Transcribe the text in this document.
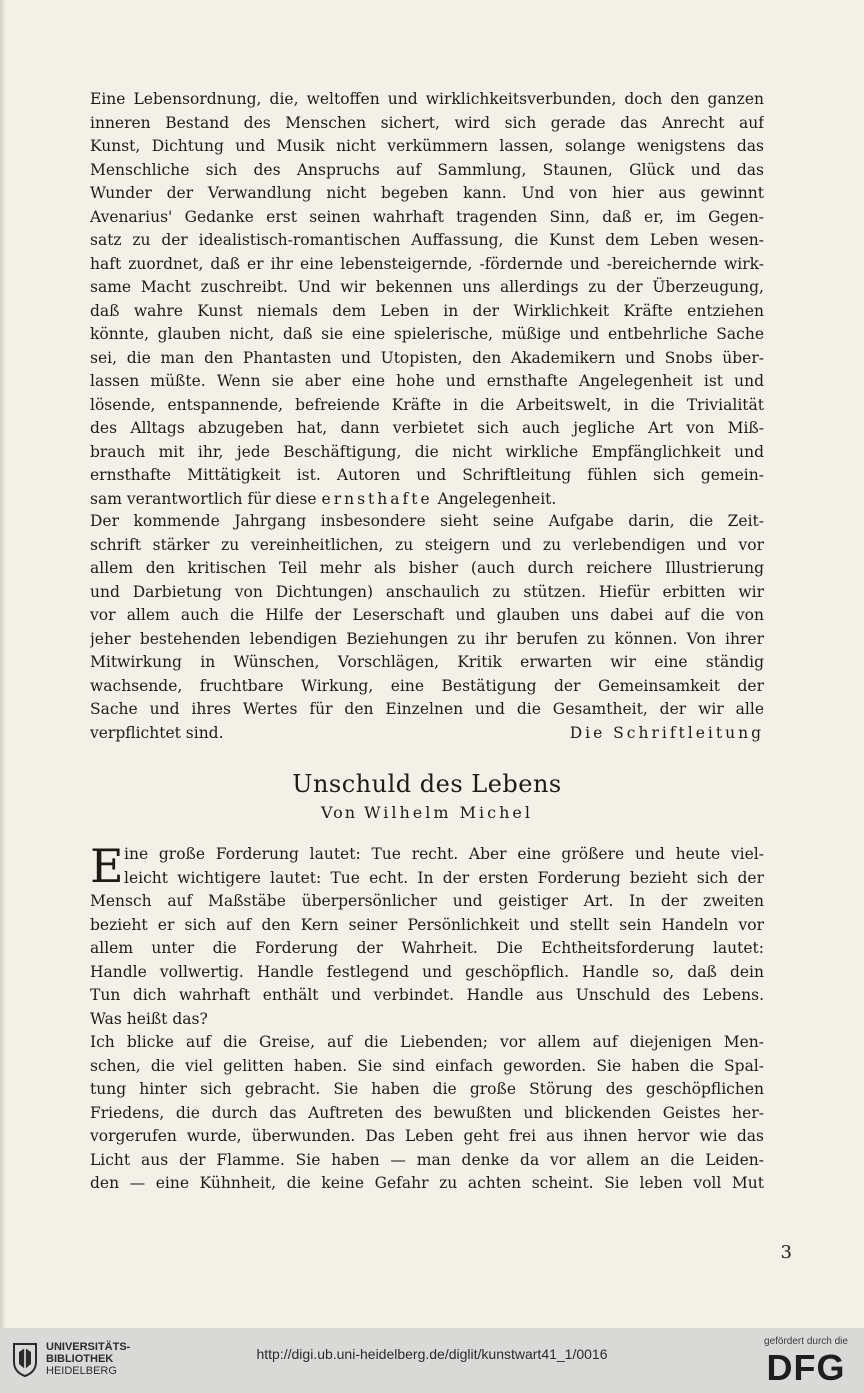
Eine Lebensordnung, die, weltoffen und wirklichkeitsverbunden, doch den ganzen
inneren Bestand des Menschen sichert, wird sich gerade das Anrecht auf
Kunst, Dichtung und Musik nicht verkümmern lassen, solange wenigstens das
Menschliche sich des Anspruchs auf Sammlung, Staunen, Glück und das
Wunder der Verwandlung nicht begeben kann. Und von hier aus gewinnt
Avenarius' Gedanke erst seinen wahrhaft tragenden Sinn, daß er, im Gegen-
satz zu der idealistisch-romantischen Auffassung, die Kunst dem Leben wesen-
haft zuordnet, daß er ihr eine lebensteigernde, -fördernde und -bereichernde wirk-
same Macht zuschreibt. Und wir bekennen uns allerdings zu der Überzeugung,
daß wahre Kunst niemals dem Leben in der Wirklichkeit Kräfte entziehen
könnte, glauben nicht, daß sie eine spielerische, müßige und entbehrliche Sache
sei, die man den Phantasten und Utopisten, den Akademikern und Snobs über-
lassen müßte. Wenn sie aber eine hohe und ernsthafte Angelegenheit ist und
lösende, entspannende, befreiende Kräfte in die Arbeitswelt, in die Trivialität
des Alltags abzugeben hat, dann verbietet sich auch jegliche Art von Miß-
brauch mit ihr, jede Beschäftigung, die nicht wirkliche Empfänglichkeit und
ernsthafte Mittätigkeit ist. Autoren und Schriftleitung fühlen sich gemein-
sam verantwortlich für diese ernsthafte Angelegenheit.
Der kommende Jahrgang insbesondere sieht seine Aufgabe darin, die Zeit-
schrift stärker zu vereinheitlichen, zu steigern und zu verlebendigen und vor
allem den kritischen Teil mehr als bisher (auch durch reichere Illustrierung
und Darbietung von Dichtungen) anschaulich zu stützen. Hiefür erbitten wir
vor allem auch die Hilfe der Leserschaft und glauben uns dabei auf die von
jeher bestehenden lebendigen Beziehungen zu ihr berufen zu können. Von ihrer
Mitwirkung in Wünschen, Vorschlägen, Kritik erwarten wir eine ständig
wachsende, fruchtbare Wirkung, eine Bestätigung der Gemeinsamkeit der
Sache und ihres Wertes für den Einzelnen und die Gesamtheit, der wir alle
verpflichtet sind.	Die Schriftleitung
Unschuld des Lebens
Von Wilhelm Michel
E ine große Forderung lautet: Tue recht. Aber eine größere und heute viel-
leicht wichtigere lautet: Tue echt. In der ersten Forderung bezieht sich der
Mensch auf Maßstäbe überpersönlicher und geistiger Art. In der zweiten
bezieht er sich auf den Kern seiner Persönlichkeit und stellt sein Handeln vor
allem unter die Forderung der Wahrheit. Die Echtheitsforderung lautet:
Handle vollwertig. Handle festlegend und geschöpflich. Handle so, daß dein
Tun dich wahrhaft enthält und verbindet. Handle aus Unschuld des Lebens.
Was heißt das?
Ich blicke auf die Greise, auf die Liebenden; vor allem auf diejenigen Men-
schen, die viel gelitten haben. Sie sind einfach geworden. Sie haben die Spal-
tung hinter sich gebracht. Sie haben die große Störung des geschöpflichen
Friedens, die durch das Auftreten des bewußten und blickenden Geistes her-
vorgerufen wurde, überwunden. Das Leben geht frei aus ihnen hervor wie das
Licht aus der Flamme. Sie haben — man denke da vor allem an die Leiden-
den — eine Kühnheit, die keine Gefahr zu achten scheint. Sie leben voll Mut
3
UNIVERSITÄTS-
BIBLIOTHEK
HEIDELBERG
http://digi.ub.uni-heidelberg.de/diglit/kunstwart41_1/0016
gefördert durch die
DFG
